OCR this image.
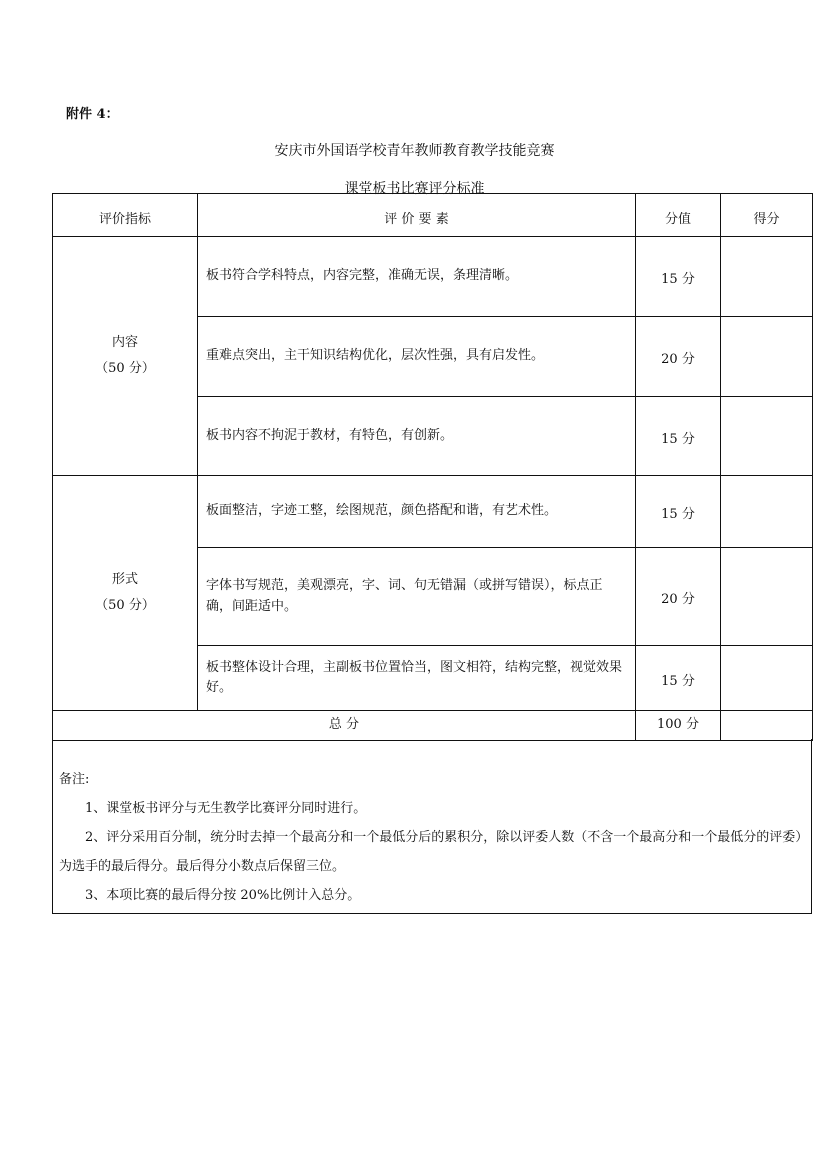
附件 4：
安庆市外国语学校青年教师教育教学技能竞赛
课堂板书比赛评分标准
评价指标	评 价 要 素	分值	得分

内容
（50 分）	板书符合学科特点，内容完整，准确无误，条理清晰。	15 分	
	重难点突出，主干知识结构优化，层次性强，具有启发性。	20 分	
	板书内容不拘泥于教材，有特色，有创新。	15 分	

形式
（50 分）	板面整洁，字迹工整，绘图规范，颜色搭配和谐，有艺术性。	15 分	
	字体书写规范，美观漂亮，字、词、句无错漏（或拼写错误），标点正确，间距适中。	20 分	
	板书整体设计合理，主副板书位置恰当，图文相符，结构完整，视觉效果好。	15 分	
总 分		100 分	
备注:
1、课堂板书评分与无生教学比赛评分同时进行。
2、评分采用百分制，统分时去掉一个最高分和一个最低分后的累积分，除以评委人数（不含一个最高分和一个最低分的评委）为选手的最后得分。最后得分小数点后保留三位。
3、本项比赛的最后得分按 20%比例计入总分。
